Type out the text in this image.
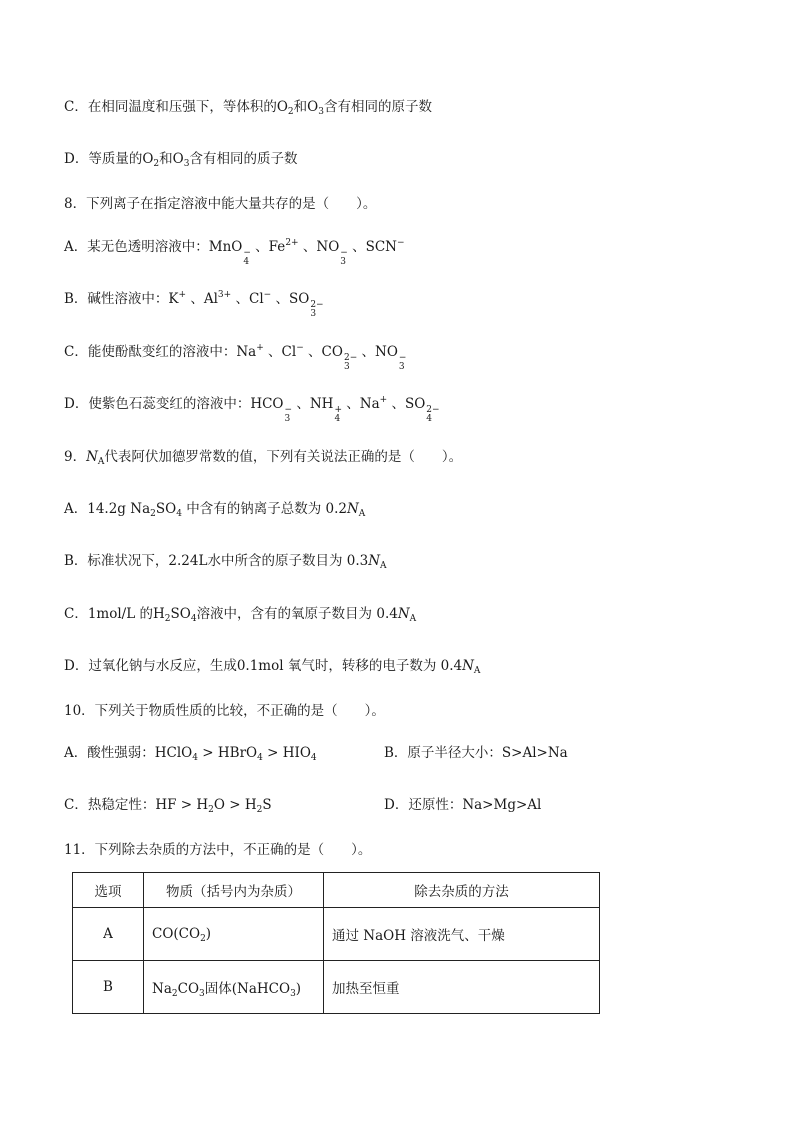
C．在相同温度和压强下，等体积的$O_2$和$O_3$含有相同的原子数
D．等质量的$O_2$和$O_3$含有相同的质子数
8．下列离子在指定溶液中能大量共存的是（　　）。
A．某无色透明溶液中：MnO −
4
、$Fe^{2+}$ 、NO −
3
、SCN−
B．碱性溶液中：K+ 、$Al^{3+}$ 、Cl− 、SO 2−
3
C．能使酚酞变红的溶液中：Na+ 、Cl− 、CO 2−
3
、NO −
3
D．使紫色石蕊变红的溶液中：HCO −
3
、NH +
4
、Na+ 、SO 2−
4
9．$N_A$代表阿伏加德罗常数的值，下列有关说法正确的是（　　）。
A．14.2g $Na_2SO_4$ 中含有的钠离子总数为 $0.2N_A$
B．标准状况下，2.24L水中所含的原子数目为 $0.3N_A$
C．1mol/L 的$H_2SO_4$溶液中，含有的氧原子数目为 $0.4N_A$
D．过氧化钠与水反应，生成0.1mol 氧气时，转移的电子数为 $0.4N_A$
10．下列关于物质性质的比较，不正确的是（　　）。
A．酸性强弱：HClO$_4$ > HBrO$_4$ > $HIO_4$	B．原子半径大小：S>Al>Na
C．热稳定性：HF > $H_2O > H_2S$	D．还原性：Na>Mg>Al
11．下列除去杂质的方法中，不正确的是（　　）。
选项	物质（括号内为杂质）	除去杂质的方法
A	$CO(CO_2)$	通过 NaOH 溶液洗气、干燥
B	$Na_2CO_3$固体(NaHCO$_3$)	加热至恒重
